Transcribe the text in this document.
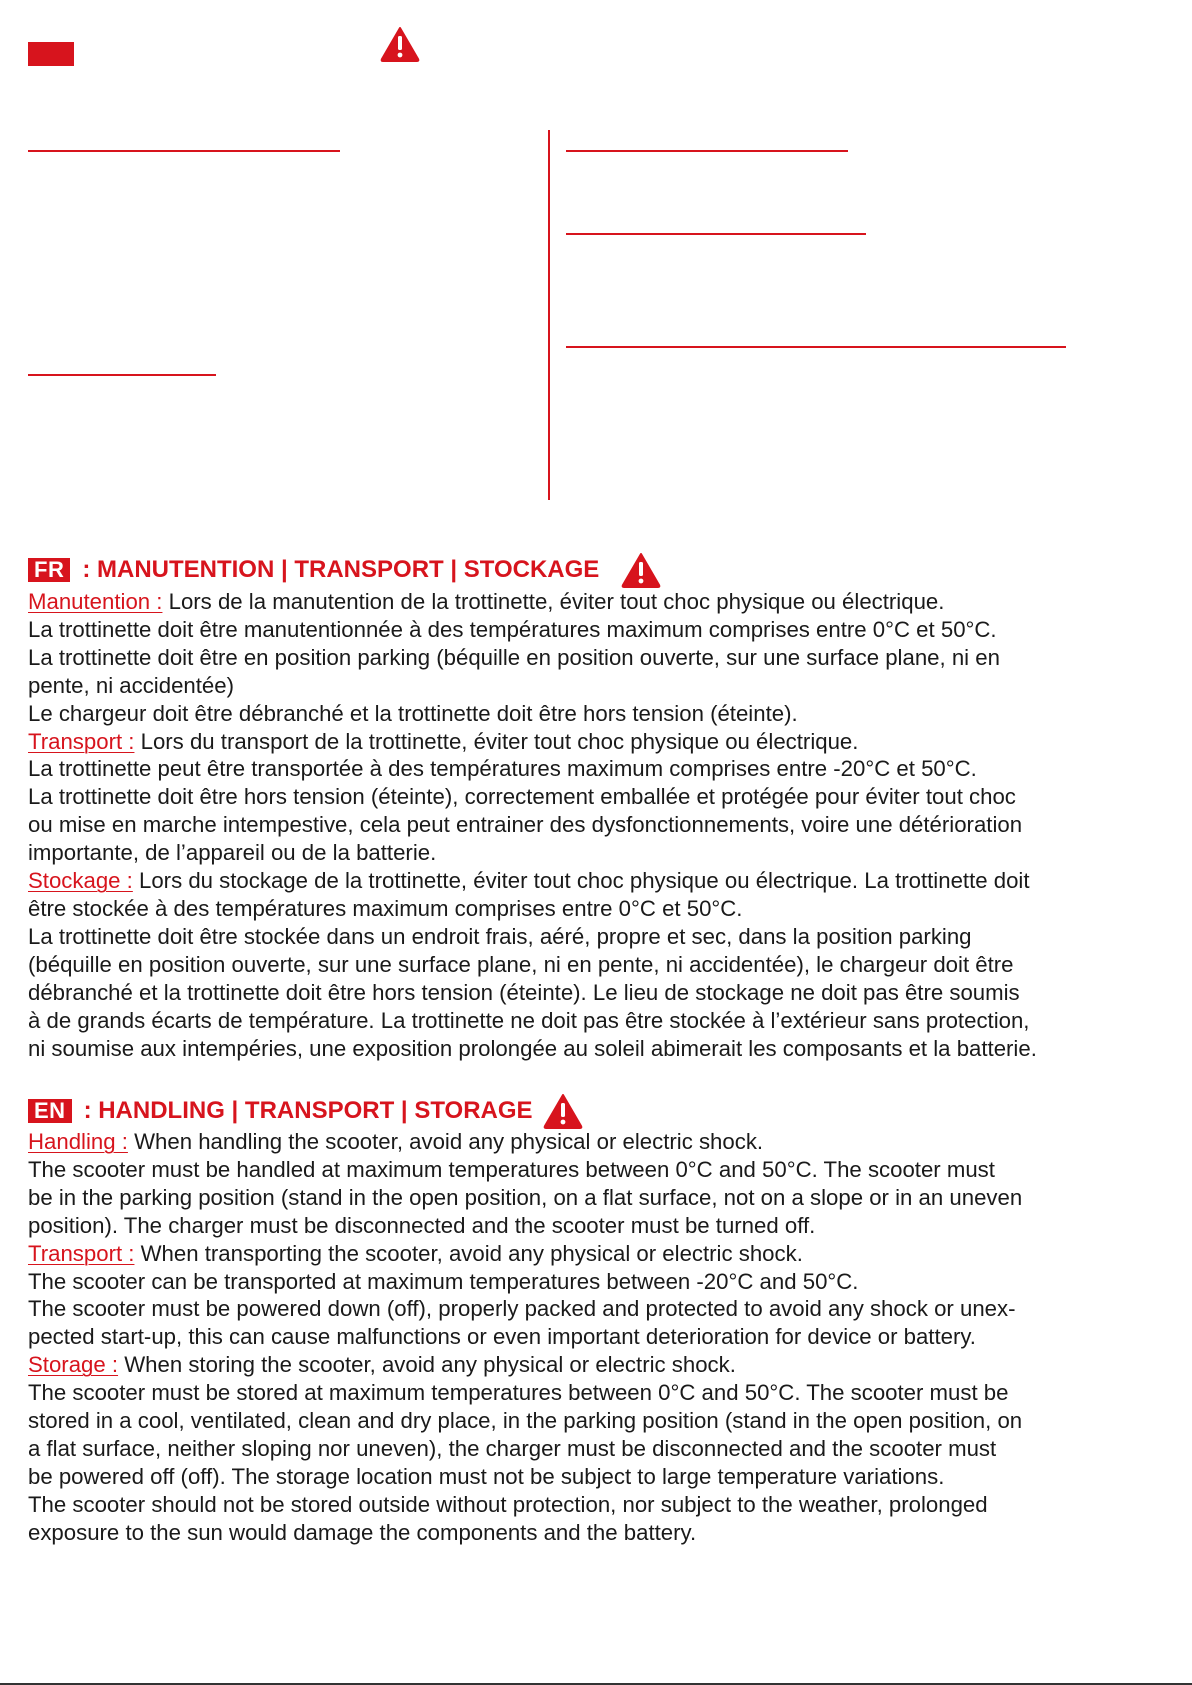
FR : MANUTENTION | TRANSPORT | STOCKAGE
Manutention : Lors de la manutention de la trottinette, éviter tout choc physique ou électrique.
La trottinette doit être manutentionnée à des températures maximum comprises entre 0°C et 50°C.
La trottinette doit être en position parking (béquille en position ouverte, sur une surface plane, ni en
pente, ni accidentée)
Le chargeur doit être débranché et la trottinette doit être hors tension (éteinte).
Transport : Lors du transport de la trottinette, éviter tout choc physique ou électrique.
La trottinette peut être transportée à des températures maximum comprises entre -20°C et 50°C.
La trottinette doit être hors tension (éteinte), correctement emballée et protégée pour éviter tout choc
ou mise en marche intempestive, cela peut entrainer des dysfonctionnements, voire une détérioration
importante, de l’appareil ou de la batterie.
Stockage : Lors du stockage de la trottinette, éviter tout choc physique ou électrique. La trottinette doit
être stockée à des températures maximum comprises entre 0°C et 50°C.
La trottinette doit être stockée dans un endroit frais, aéré, propre et sec, dans la position parking
(béquille en position ouverte, sur une surface plane, ni en pente, ni accidentée), le chargeur doit être
débranché et la trottinette doit être hors tension (éteinte). Le lieu de stockage ne doit pas être soumis
à de grands écarts de température. La trottinette ne doit pas être stockée à l’extérieur sans protection,
ni soumise aux intempéries, une exposition prolongée au soleil abimerait les composants et la batterie.
EN : HANDLING | TRANSPORT | STORAGE
Handling : When handling the scooter, avoid any physical or electric shock.
The scooter must be handled at maximum temperatures between 0°C and 50°C. The scooter must
be in the parking position (stand in the open position, on a flat surface, not on a slope or in an uneven
position). The charger must be disconnected and the scooter must be turned off.
Transport : When transporting the scooter, avoid any physical or electric shock.
The scooter can be transported at maximum temperatures between -20°C and 50°C.
The scooter must be powered down (off), properly packed and protected to avoid any shock or unex-
pected start-up, this can cause malfunctions or even important deterioration for device or battery.
Storage : When storing the scooter, avoid any physical or electric shock.
The scooter must be stored at maximum temperatures between 0°C and 50°C. The scooter must be
stored in a cool, ventilated, clean and dry place, in the parking position (stand in the open position, on
a flat surface, neither sloping nor uneven), the charger must be disconnected and the scooter must
be powered off (off). The storage location must not be subject to large temperature variations.
The scooter should not be stored outside without protection, nor subject to the weather, prolonged
exposure to the sun would damage the components and the battery.
